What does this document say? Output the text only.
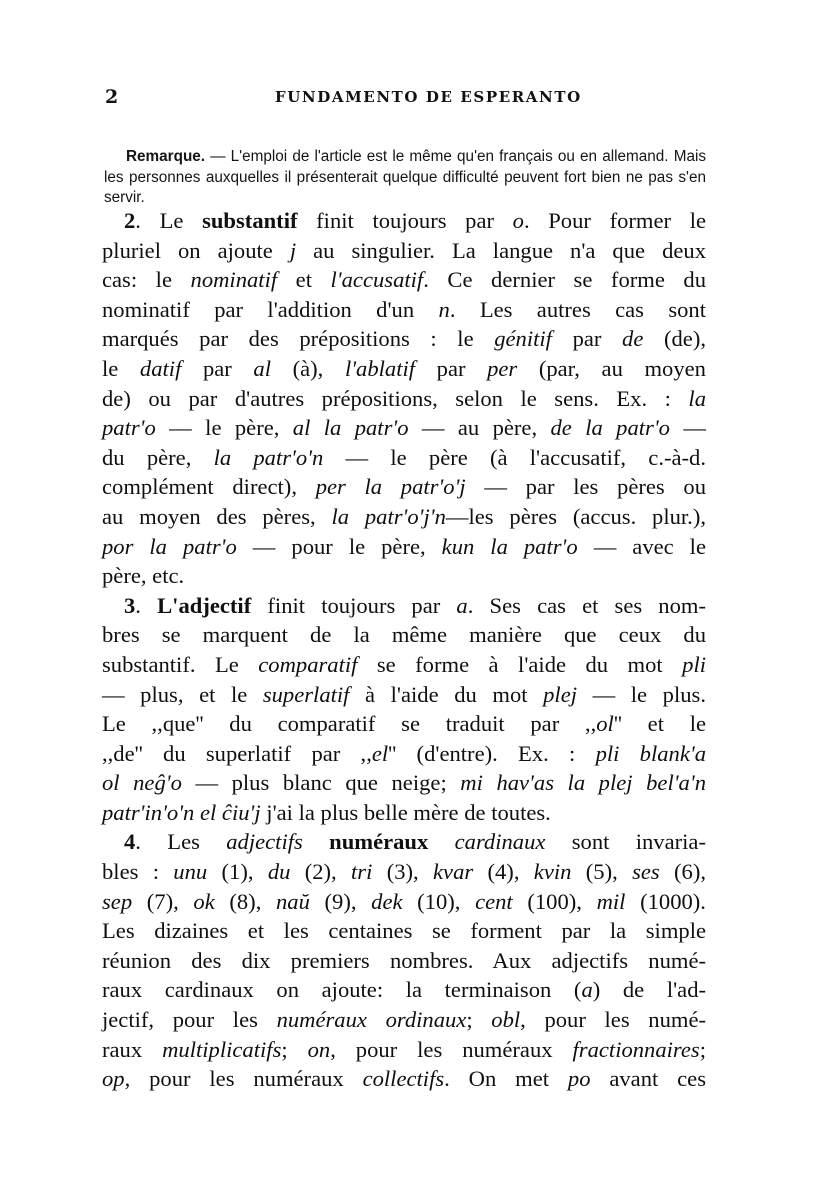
2	FUNDAMENTO DE ESPERANTO

Remarque. — L'emploi de l'article est le même qu'en français ou en allemand. Mais les personnes auxquelles il présenterait quelque difficulté peuvent fort bien ne pas s'en servir.

2. Le substantif finit toujours par o. Pour former le
pluriel on ajoute j au singulier. La langue n'a que deux
cas: le nominatif et l'accusatif. Ce dernier se forme du
nominatif par l'addition d'un n. Les autres cas sont
marqués par des prépositions : le génitif par de (de),
le datif par al (à), l'ablatif par per (par, au moyen
de) ou par d'autres prépositions, selon le sens. Ex. : la
patr'o — le père, al la patr'o — au père, de la patr'o —
du père, la patr'o'n — le père (à l'accusatif, c.-à-d.
complément direct), per la patr'o'j — par les pères ou
au moyen des pères, la patr'o'j'n—les pères (accus. plur.),
por la patr'o — pour le père, kun la patr'o — avec le
père, etc.
3. L'adjectif finit toujours par a. Ses cas et ses nom-
bres se marquent de la même manière que ceux du
substantif. Le comparatif se forme à l'aide du mot pli
— plus, et le superlatif à l'aide du mot plej — le plus.
Le ,,que'' du comparatif se traduit par ,,ol'' et le
,,de'' du superlatif par ,,el'' (d'entre). Ex. : pli blank'a
ol neĝ'o — plus blanc que neige; mi hav'as la plej bel'a'n
patr'in'o'n el ĉiu'j j'ai la plus belle mère de toutes.
4. Les adjectifs numéraux cardinaux sont invaria-
bles : unu (1), du (2), tri (3), kvar (4), kvin (5), ses (6),
sep (7), ok (8), naŭ (9), dek (10), cent (100), mil (1000).
Les dizaines et les centaines se forment par la simple
réunion des dix premiers nombres. Aux adjectifs numé-
raux cardinaux on ajoute: la terminaison (a) de l'ad-
jectif, pour les numéraux ordinaux; obl, pour les numé-
raux multiplicatifs; on, pour les numéraux fractionnaires;
op, pour les numéraux collectifs. On met po avant ces
